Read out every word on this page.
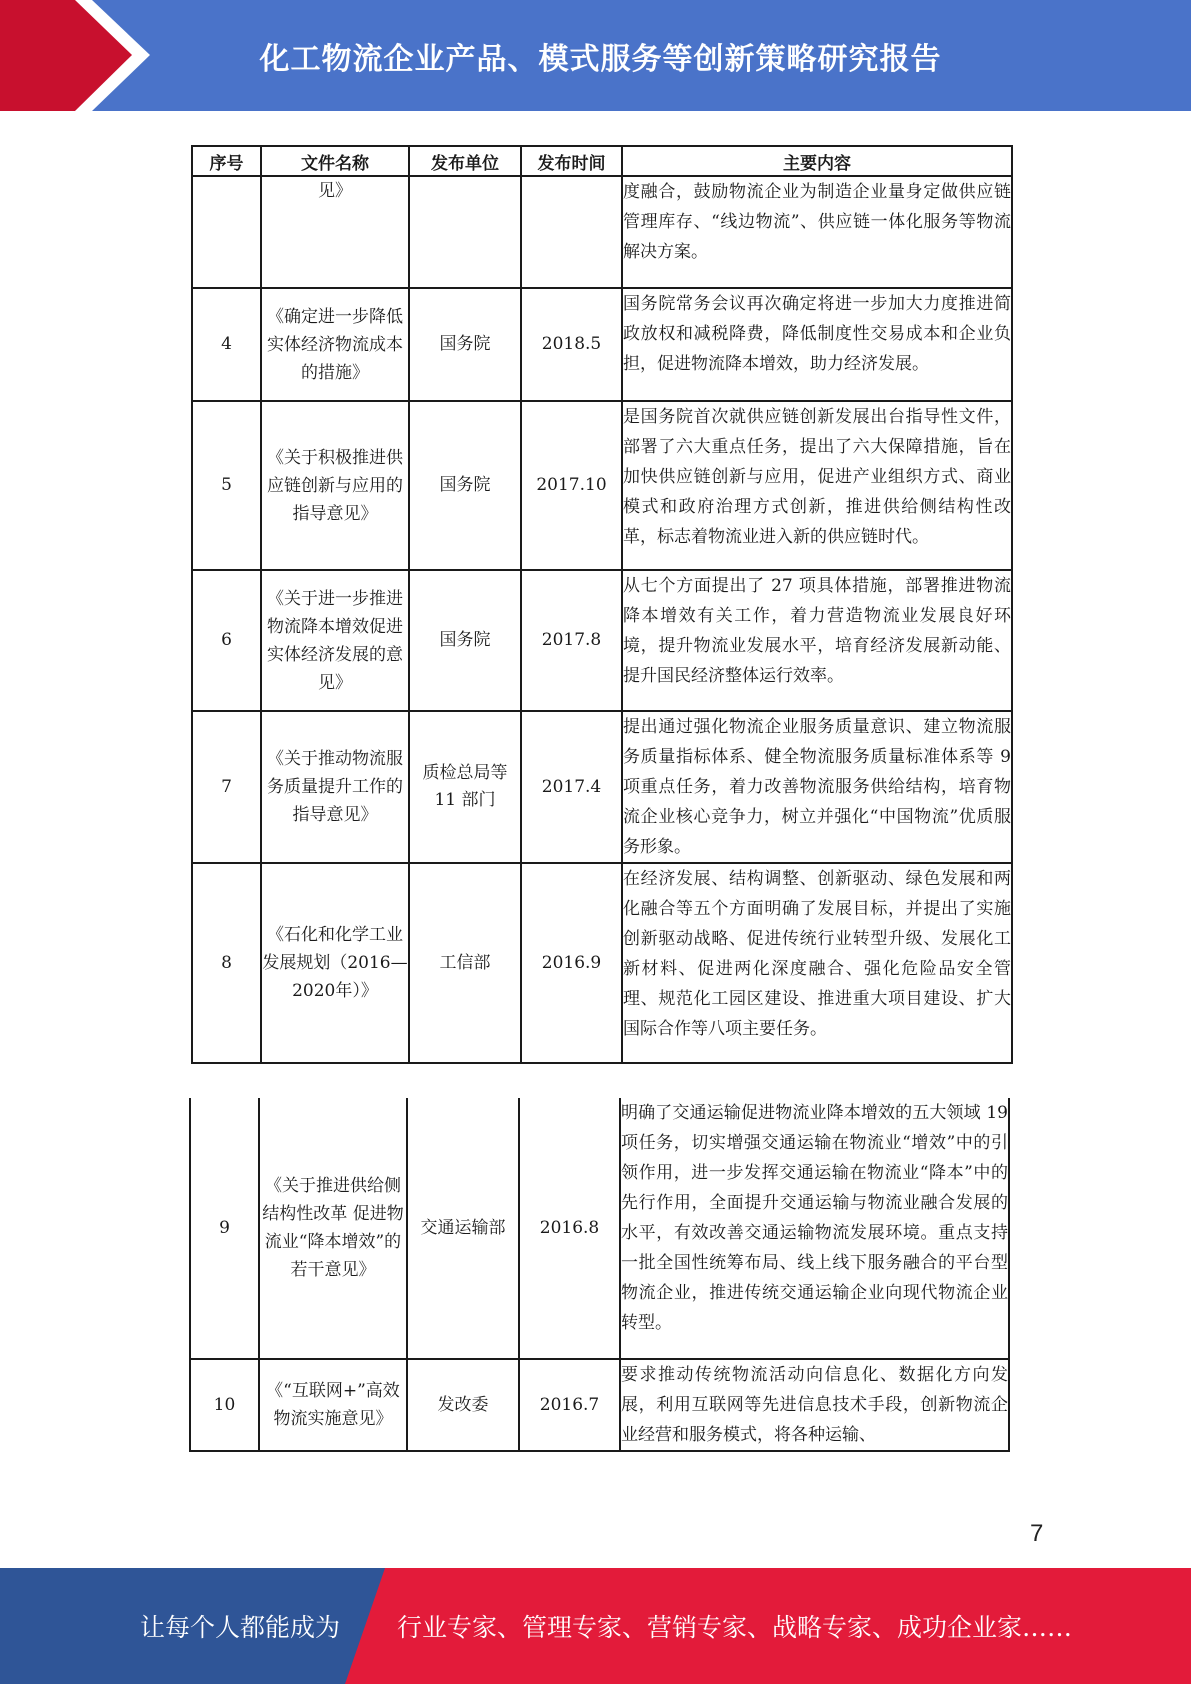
化工物流企业产品、模式服务等创新策略研究报告
序号	文件名称	发布单位	发布时间	主要内容
	见》			度融合，鼓励物流企业为制造企业量身定做供应链管理库存、“线边物流”、供应链一体化服务等物流解决方案。
4	《确定进一步降低实体经济物流成本的措施》	国务院	2018.5	国务院常务会议再次确定将进一步加大力度推进简政放权和减税降费，降低制度性交易成本和企业负担，促进物流降本增效，助力经济发展。
5	《关于积极推进供应链创新与应用的指导意见》	国务院	2017.10	是国务院首次就供应链创新发展出台指导性文件，部署了六大重点任务，提出了六大保障措施，旨在加快供应链创新与应用，促进产业组织方式、商业模式和政府治理方式创新，推进供给侧结构性改革，标志着物流业进入新的供应链时代。
6	《关于进一步推进物流降本增效促进实体经济发展的意见》	国务院	2017.8	从七个方面提出了 27 项具体措施，部署推进物流降本增效有关工作，着力营造物流业发展良好环境，提升物流业发展水平，培育经济发展新动能、提升国民经济整体运行效率。
7	《关于推动物流服务质量提升工作的指导意见》	质检总局等 11 部门	2017.4	提出通过强化物流企业服务质量意识、建立物流服务质量指标体系、健全物流服务质量标准体系等 9 项重点任务，着力改善物流服务供给结构，培育物流企业核心竞争力，树立并强化“中国物流”优质服务形象。
8	《石化和化学工业发展规划（2016—2020年）》	工信部	2016.9	在经济发展、结构调整、创新驱动、绿色发展和两化融合等五个方面明确了发展目标，并提出了实施创新驱动战略、促进传统行业转型升级、发展化工新材料、促进两化深度融合、强化危险品安全管理、规范化工园区建设、推进重大项目建设、扩大国际合作等八项主要任务。
9	《关于推进供给侧结构性改革 促进物流业“降本增效”的若干意见》	交通运输部	2016.8	明确了交通运输促进物流业降本增效的五大领域 19 项任务，切实增强交通运输在物流业“增效”中的引领作用，进一步发挥交通运输在物流业“降本”中的先行作用，全面提升交通运输与物流业融合发展的水平，有效改善交通运输物流发展环境。重点支持一批全国性统筹布局、线上线下服务融合的平台型物流企业，推进传统交通运输企业向现代物流企业转型。
10	《“互联网+”高效物流实施意见》	发改委	2016.7	要求推动传统物流活动向信息化、数据化方向发展，利用互联网等先进信息技术手段，创新物流企业经营和服务模式，将各种运输、
7
让每个人都能成为 行业专家、管理专家、营销专家、战略专家、成功企业家……
